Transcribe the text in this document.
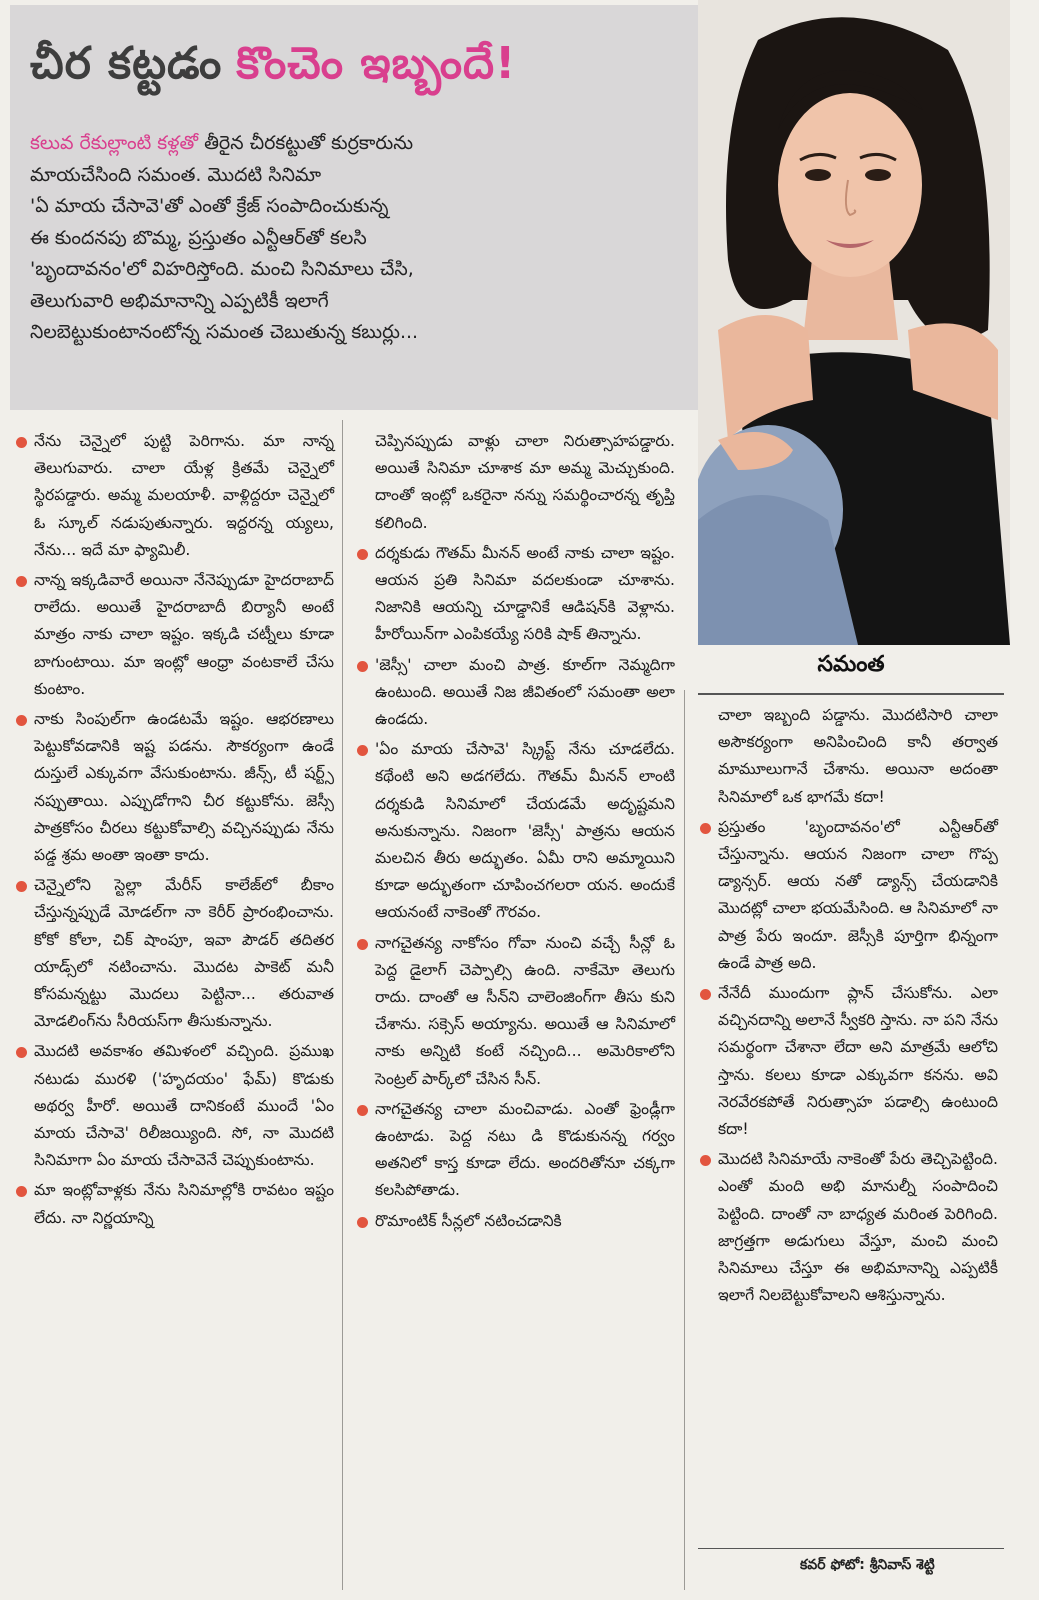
చీర కట్టడం కొంచెం ఇబ్బందే!
కలువ రేకుల్లాంటి కళ్లతో తీరైన చీరకట్టుతో కుర్రకారును
మాయచేసింది సమంత. మొదటి సినిమా
'ఏ మాయ చేసావె'తో ఎంతో క్రేజ్ సంపాదించుకున్న
ఈ కుందనపు బొమ్మ, ప్రస్తుతం ఎన్టీఆర్‌తో కలసి
'బృందావనం'లో విహరిస్తోంది. మంచి సినిమాలు చేసి,
తెలుగువారి అభిమానాన్ని ఎప్పటికీ ఇలాగే
నిలబెట్టుకుంటానంటోన్న సమంత చెబుతున్న కబుర్లు...
సమంత
నేను చెన్నైలో పుట్టి పెరిగాను. మా నాన్న తెలుగువారు. చాలా యేళ్ల క్రితమే చెన్నైలో స్థిరపడ్డారు. అమ్మ మలయాళీ. వాళ్లిద్దరూ చెన్నైలో ఓ స్కూల్ నడుపుతున్నారు. ఇద్దరన్న య్యలు, నేను... ఇదే మా ఫ్యామిలీ.
నాన్న ఇక్కడివారే అయినా నేనెప్పుడూ హైదరాబాద్ రాలేదు. అయితే హైదరాబాదీ బిర్యానీ అంటే మాత్రం నాకు చాలా ఇష్టం. ఇక్కడి చట్నీలు కూడా బాగుంటాయి. మా ఇంట్లో ఆంధ్రా వంటకాలే చేసు కుంటాం.
నాకు సింపుల్‌గా ఉండటమే ఇష్టం. ఆభరణాలు పెట్టుకోవడానికి ఇష్ట పడను. సౌకర్యంగా ఉండే దుస్తులే ఎక్కువగా వేసుకుంటాను. జీన్స్, టీ షర్ట్స్ నప్పుతాయి. ఎప్పుడోగాని చీర కట్టుకోను. జెస్సీ పాత్రకోసం చీరలు కట్టుకోవాల్సి వచ్చినప్పుడు నేను పడ్డ శ్రమ అంతా ఇంతా కాదు.
చెన్నైలోని స్టెల్లా మేరీస్ కాలేజ్‌లో బీకాం చేస్తున్నప్పుడే మోడల్‌గా నా కెరీర్ ప్రారంభించాను. కోకో కోలా, చిక్ షాంపూ, ఇవా పౌడర్ తదితర యాడ్స్‌లో నటించాను. మొదట పాకెట్ మనీ కోసమన్నట్టు మొదలు పెట్టినా... తరువాత మోడలింగ్‌ను సీరియస్‌గా తీసుకున్నాను.
మొదటి అవకాశం తమిళంలో వచ్చింది. ప్రముఖ నటుడు మురళి ('హృదయం' ఫేమ్) కొడుకు అథర్వ హీరో. అయితే దానికంటే ముందే 'ఏం మాయ చేసావె' రిలీజయ్యింది. సో, నా మొదటి సినిమాగా ఏం మాయ చేసావెనే చెప్పుకుంటాను.
మా ఇంట్లోవాళ్లకు నేను సినిమాల్లోకి రావటం ఇష్టం లేదు. నా నిర్ణయాన్ని
చెప్పినప్పుడు వాళ్లు చాలా నిరుత్సాహపడ్డారు. అయితే సినిమా చూశాక మా అమ్మ మెచ్చుకుంది. దాంతో ఇంట్లో ఒకరైనా నన్ను సమర్థించారన్న తృప్తి కలిగింది.
దర్శకుడు గౌతమ్ మీనన్ అంటే నాకు చాలా ఇష్టం. ఆయన ప్రతి సినిమా వదలకుండా చూశాను. నిజానికి ఆయన్ని చూడ్డానికే ఆడిషన్‌కి వెళ్లాను. హీరోయిన్‌గా ఎంపికయ్యే సరికి షాక్ తిన్నాను.
'జెస్సీ' చాలా మంచి పాత్ర. కూల్‌గా నెమ్మదిగా ఉంటుంది. అయితే నిజ జీవితంలో సమంతా అలా ఉండదు.
'ఏం మాయ చేసావె' స్క్రిప్ట్ నేను చూడలేదు. కథేంటి అని అడగలేదు. గౌతమ్ మీనన్ లాంటి దర్శకుడి సినిమాలో చేయడమే అదృష్టమని అనుకున్నాను. నిజంగా 'జెస్సీ' పాత్రను ఆయన మలచిన తీరు అద్భుతం. ఏమీ రాని అమ్మాయిని కూడా అద్భుతంగా చూపించగలరా యన. అందుకే ఆయనంటే నాకెంతో గౌరవం.
నాగచైతన్య నాకోసం గోవా నుంచి వచ్చే సీన్లో ఓ పెద్ద డైలాగ్ చెప్పాల్సి ఉంది. నాకేమో తెలుగు రాదు. దాంతో ఆ సీన్‌ని చాలెంజింగ్‌గా తీసు కుని చేశాను. సక్సెస్ అయ్యాను. అయితే ఆ సినిమాలో నాకు అన్నిటి కంటే నచ్చింది... అమెరికాలోని సెంట్రల్ పార్క్‌లో చేసిన సీన్.
నాగచైతన్య చాలా మంచివాడు. ఎంతో ఫ్రెండ్లీగా ఉంటాడు. పెద్ద నటు డి కొడుకునన్న గర్వం అతనిలో కాస్త కూడా లేదు. అందరితోనూ చక్కగా కలసిపోతాడు.
రొమాంటిక్ సీన్లలో నటించడానికి
చాలా ఇబ్బంది పడ్డాను. మొదటిసారి చాలా అసౌకర్యంగా అనిపించింది కానీ తర్వాత మామూలుగానే చేశాను. అయినా అదంతా సినిమాలో ఒక భాగమే కదా!
ప్రస్తుతం 'బృందావనం'లో ఎన్టీఆర్‌తో చేస్తున్నాను. ఆయన నిజంగా చాలా గొప్ప డ్యాన్సర్. ఆయ నతో డ్యాన్స్ చేయడానికి మొదట్లో చాలా భయమేసింది. ఆ సినిమాలో నా పాత్ర పేరు ఇందూ. జెస్సీకి పూర్తిగా భిన్నంగా ఉండే పాత్ర అది.
నేనేదీ ముందుగా ప్లాన్ చేసుకోను. ఎలా వచ్చినదాన్ని అలానే స్వీకరి స్తాను. నా పని నేను సమర్థంగా చేశానా లేదా అని మాత్రమే ఆలోచి స్తాను. కలలు కూడా ఎక్కువగా కనను. అవి నెరవేరకపోతే నిరుత్సాహ పడాల్సి ఉంటుంది కదా!
మొదటి సినిమాయే నాకెంతో పేరు తెచ్చిపెట్టింది. ఎంతో మంది అభి మానుల్నీ సంపాదించి పెట్టింది. దాంతో నా బాధ్యత మరింత పెరిగింది. జాగ్రత్తగా అడుగులు వేస్తూ, మంచి మంచి సినిమాలు చేస్తూ ఈ అభిమానాన్ని ఎప్పటికీ ఇలాగే నిలబెట్టుకోవాలని ఆశిస్తున్నాను.
కవర్ ఫోటో: శ్రీనివాస్ శెట్టి
